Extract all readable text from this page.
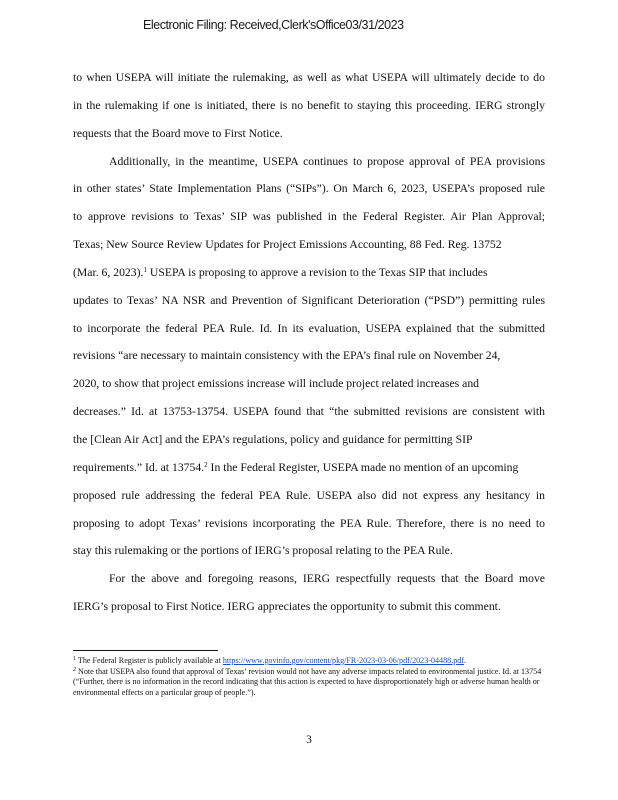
Electronic Filing: Received,Clerk'sOffice03/31/2023
to when USEPA will initiate the rulemaking, as well as what USEPA will ultimately decide to do
in the rulemaking if one is initiated, there is no benefit to staying this proceeding. IERG strongly
requests that the Board move to First Notice.
Additionally, in the meantime, USEPA continues to propose approval of PEA provisions
in other states’ State Implementation Plans (“SIPs”). On March 6, 2023, USEPA’s proposed rule
to approve revisions to Texas’ SIP was published in the Federal Register. Air Plan Approval;
Texas; New Source Review Updates for Project Emissions Accounting, 88 Fed. Reg. 13752
(Mar. 6, 2023).$^1$ USEPA is proposing to approve a revision to the Texas SIP that includes
updates to Texas’ NA NSR and Prevention of Significant Deterioration (“PSD”) permitting rules
to incorporate the federal PEA Rule. Id. In its evaluation, USEPA explained that the submitted
revisions “are necessary to maintain consistency with the EPA’s final rule on November 24,
2020, to show that project emissions increase will include project related increases and
decreases.” Id. at 13753-13754. USEPA found that “the submitted revisions are consistent with
the [Clean Air Act] and the EPA’s regulations, policy and guidance for permitting SIP
requirements.” Id. at 13754.$^2$ In the Federal Register, USEPA made no mention of an upcoming
proposed rule addressing the federal PEA Rule. USEPA also did not express any hesitancy in
proposing to adopt Texas’ revisions incorporating the PEA Rule. Therefore, there is no need to
stay this rulemaking or the portions of IERG’s proposal relating to the PEA Rule.
For the above and foregoing reasons, IERG respectfully requests that the Board move
IERG’s proposal to First Notice. IERG appreciates the opportunity to submit this comment.
$^1$ The Federal Register is publicly available at https://www.govinfo.gov/content/pkg/FR-2023-03-06/pdf/2023-04488.pdf.
$^2$ Note that USEPA also found that approval of Texas’ revision would not have any adverse impacts related to environmental justice. Id. at 13754 (“Further, there is no information in the record indicating that this action is expected to have disproportionately high or adverse human health or environmental effects on a particular group of people.”).
3
